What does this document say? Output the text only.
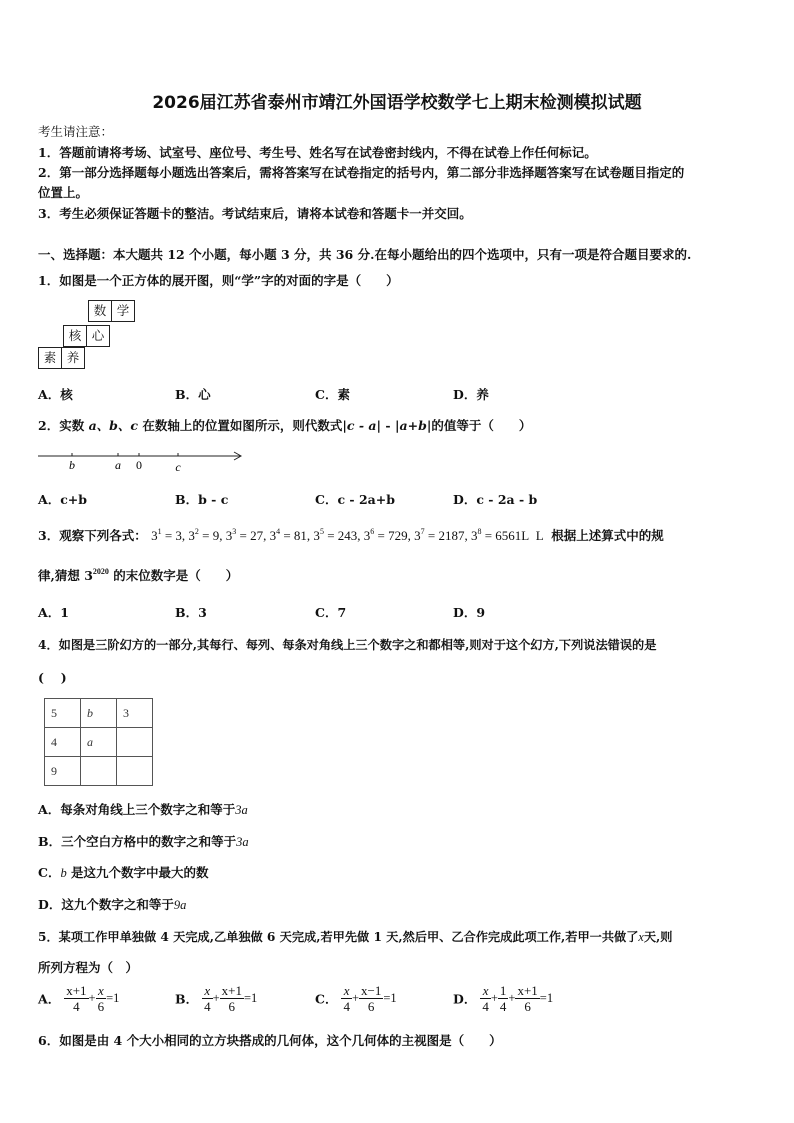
2026届江苏省泰州市靖江外国语学校数学七上期末检测模拟试题
考生请注意：
1．答题前请将考场、试室号、座位号、考生号、姓名写在试卷密封线内，不得在试卷上作任何标记。
2．第一部分选择题每小题选出答案后，需将答案写在试卷指定的括号内，第二部分非选择题答案写在试卷题目指定的
位置上。
3．考生必须保证答题卡的整洁。考试结束后，请将本试卷和答题卡一并交回。
一、选择题：本大题共 12 个小题，每小题 3 分，共 36 分.在每小题给出的四个选项中，只有一项是符合题目要求的.
1．如图是一个正方体的展开图，则“学”字的对面的字是（　　）
数 学
核 心
素 养
A．核	B．心	C．素	D．养
2．实数 a、b、c 在数轴上的位置如图所示，则代数式|c - a| - |a+b|的值等于（　　）
b	a 0	c
A．c+b	B．b - c	C．c - 2a+b	D．c - 2a - b
3．观察下列各式： $3^1 = 3$, $3^2 = 9$, $3^3 = 27$, $3^4 = 81$, $3^5 = 243$, $3^6 = 729$, $3^7 = 2187$, $3^8 = 6561L$  L  根据上述算式中的规
律,猜想 $3^{2020}$ 的末位数字是（　　）
A．1	B．3	C．7	D．9
4．如图是三阶幻方的一部分,其每行、每列、每条对角线上三个数字之和都相等,则对于这个幻方,下列说法错误的是
(　 )
5	b	3
4	a	
9		
A．每条对角线上三个数字之和等于3a
B．三个空白方格中的数字之和等于3a
C．b 是这九个数字中最大的数
D．这九个数字之和等于9a
5．某项工作甲单独做 4 天完成,乙单独做 6 天完成,若甲先做 1 天,然后甲、乙合作完成此项工作,若甲一共做了x天,则
所列方程为（　）
A． $\frac{x+1}{4} + \frac{x}{6} =1$	B． $\frac{x}{4} + \frac{x+1}{6} =1$	C． $\frac{x}{4} + \frac{x-1}{6} =1$	D． $\frac{x}{4} + \frac{1}{4} + \frac{x+1}{6} =1$
6．如图是由 4 个大小相同的立方块搭成的几何体，这个几何体的主视图是（　　）
